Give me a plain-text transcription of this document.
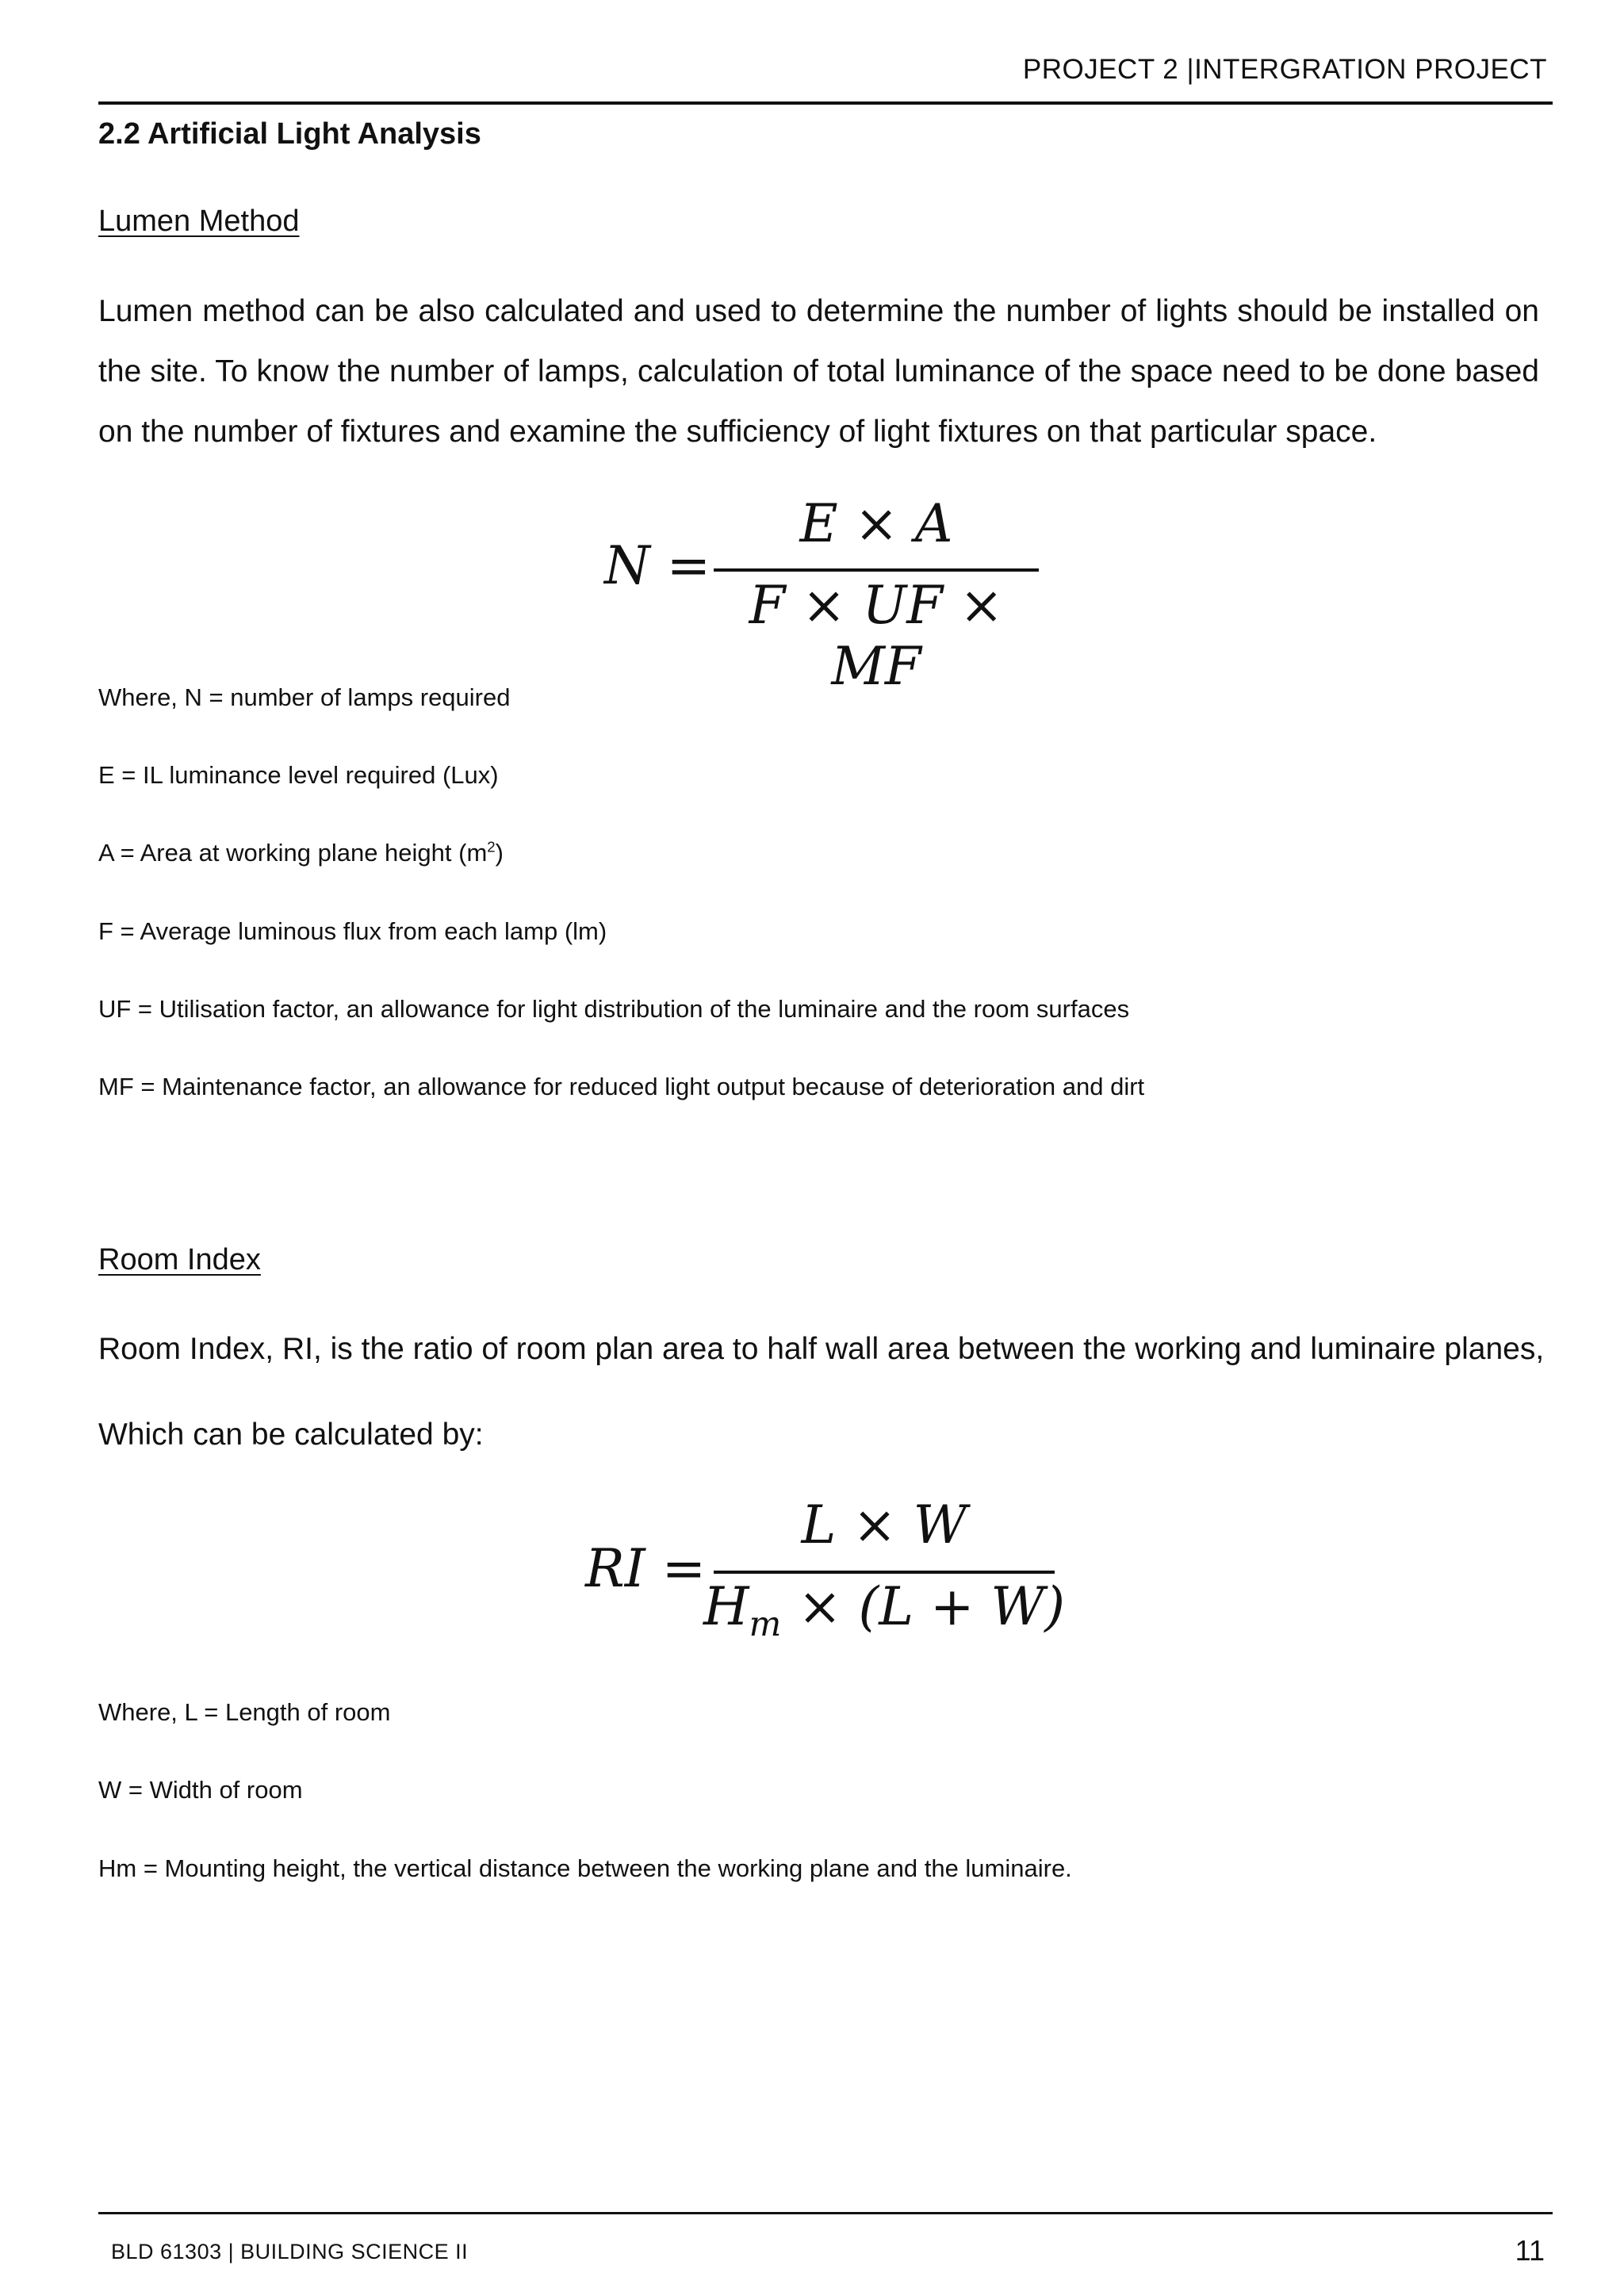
PROJECT 2 |INTERGRATION PROJECT
2.2 Artificial Light Analysis
Lumen Method
Lumen method can be also calculated and used to determine the number of lights should be installed on
the site. To know the number of lamps, calculation of total luminance of the space need to be done based
on the number of fixtures and examine the sufficiency of light fixtures on that particular space.
N =
E × A
F × UF × MF
Where, N = number of lamps required
E = IL luminance level required (Lux)
A = Area at working plane height $(m^2)$
F = Average luminous flux from each lamp (lm)
UF = Utilisation factor, an allowance for light distribution of the luminaire and the room surfaces
MF = Maintenance factor, an allowance for reduced light output because of deterioration and dirt
Room Index
Room Index, RI, is the ratio of room plan area to half wall area between the working and luminaire planes,
Which can be calculated by:
RI =
L × W
$H_m \times (L + W)$
Where, L = Length of room
W = Width of room
Hm = Mounting height, the vertical distance between the working plane and the luminaire.
BLD 61303 | BUILDING SCIENCE II	11
